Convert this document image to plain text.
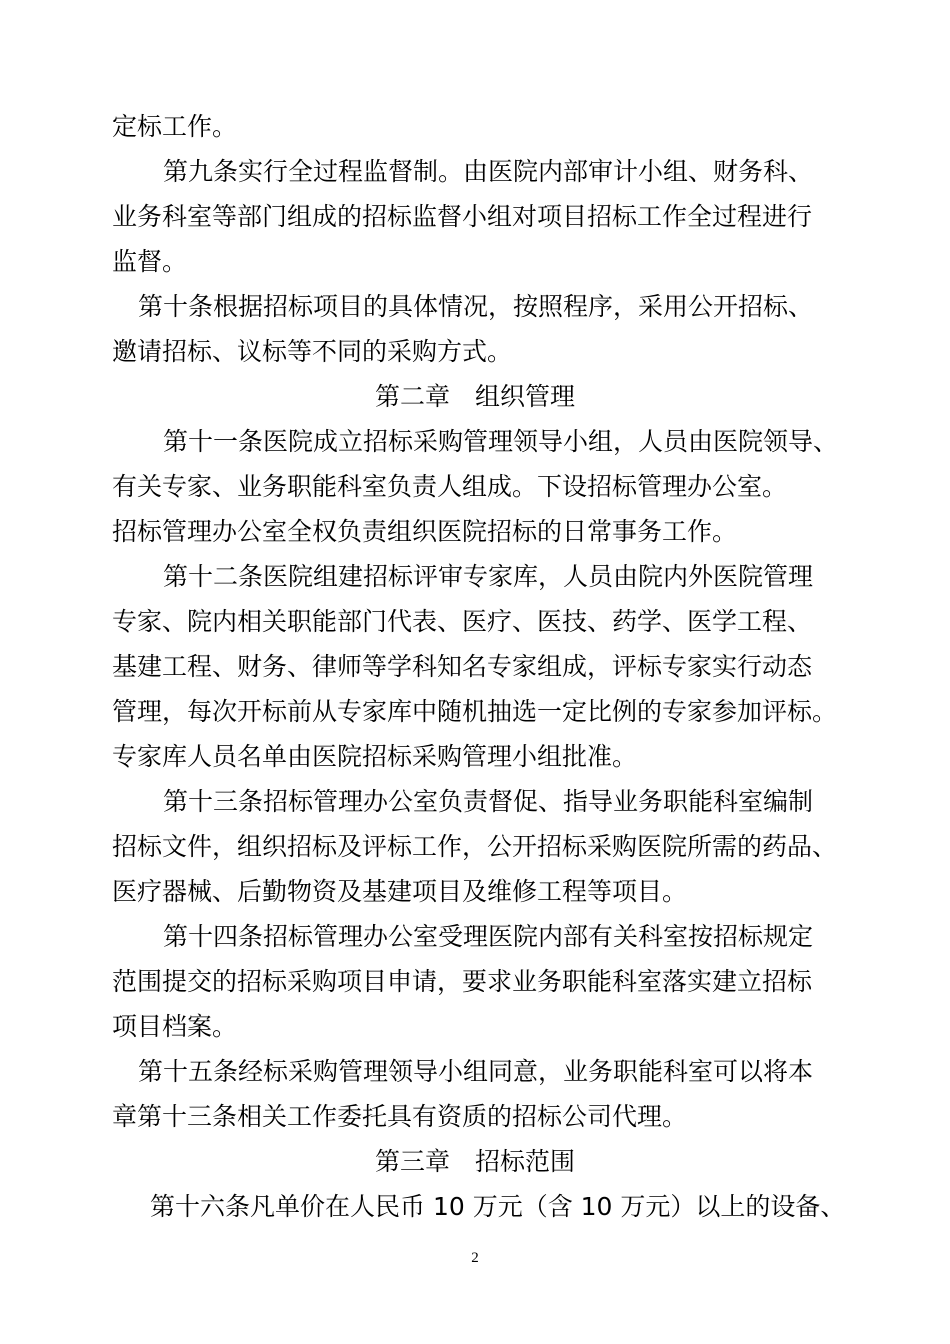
定标工作。
第九条实行全过程监督制。由医院内部审计小组、财务科、
业务科室等部门组成的招标监督小组对项目招标工作全过程进行
监督。
第十条根据招标项目的具体情况，按照程序，采用公开招标、
邀请招标、议标等不同的采购方式。
第二章　组织管理
第十一条医院成立招标采购管理领导小组，人员由医院领导、
有关专家、业务职能科室负责人组成。下设招标管理办公室。
招标管理办公室全权负责组织医院招标的日常事务工作。
第十二条医院组建招标评审专家库，人员由院内外医院管理
专家、院内相关职能部门代表、医疗、医技、药学、医学工程、
基建工程、财务、律师等学科知名专家组成，评标专家实行动态
管理，每次开标前从专家库中随机抽选一定比例的专家参加评标。
专家库人员名单由医院招标采购管理小组批准。
第十三条招标管理办公室负责督促、指导业务职能科室编制
招标文件，组织招标及评标工作，公开招标采购医院所需的药品、
医疗器械、后勤物资及基建项目及维修工程等项目。
第十四条招标管理办公室受理医院内部有关科室按招标规定
范围提交的招标采购项目申请，要求业务职能科室落实建立招标
项目档案。
第十五条经标采购管理领导小组同意，业务职能科室可以将本
章第十三条相关工作委托具有资质的招标公司代理。
第三章　招标范围
第十六条凡单价在人民币 10 万元（含 10 万元）以上的设备、
2
